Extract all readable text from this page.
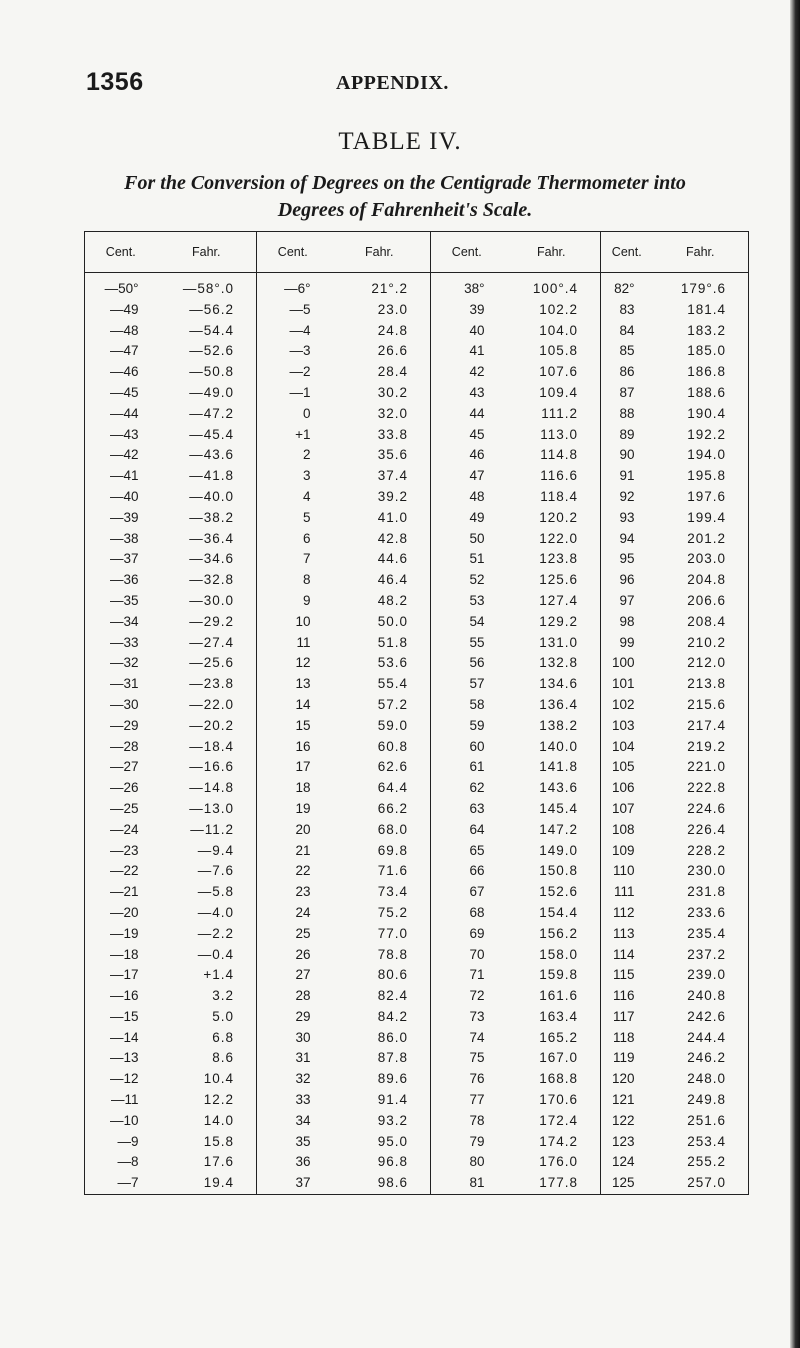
1356	APPENDIX.
TABLE IV.
For the Conversion of Degrees on the Centigrade Thermometer into
Degrees of Fahrenheit's Scale.
Cent.	Fahr.	Cent.	Fahr.	Cent.	Fahr.	Cent.	Fahr.
—50°	—58°.0	—6°	21°.2	38°	100°.4	82°	179°.6
—49	—56.2	—5	23.0	39	102.2	83	181.4
—48	—54.4	—4	24.8	40	104.0	84	183.2
—47	—52.6	—3	26.6	41	105.8	85	185.0
—46	—50.8	—2	28.4	42	107.6	86	186.8
—45	—49.0	—1	30.2	43	109.4	87	188.6
—44	—47.2	0	32.0	44	111.2	88	190.4
—43	—45.4	+1	33.8	45	113.0	89	192.2
—42	—43.6	2	35.6	46	114.8	90	194.0
—41	—41.8	3	37.4	47	116.6	91	195.8
—40	—40.0	4	39.2	48	118.4	92	197.6
—39	—38.2	5	41.0	49	120.2	93	199.4
—38	—36.4	6	42.8	50	122.0	94	201.2
—37	—34.6	7	44.6	51	123.8	95	203.0
—36	—32.8	8	46.4	52	125.6	96	204.8
—35	—30.0	9	48.2	53	127.4	97	206.6
—34	—29.2	10	50.0	54	129.2	98	208.4
—33	—27.4	11	51.8	55	131.0	99	210.2
—32	—25.6	12	53.6	56	132.8	100	212.0
—31	—23.8	13	55.4	57	134.6	101	213.8
—30	—22.0	14	57.2	58	136.4	102	215.6
—29	—20.2	15	59.0	59	138.2	103	217.4
—28	—18.4	16	60.8	60	140.0	104	219.2
—27	—16.6	17	62.6	61	141.8	105	221.0
—26	—14.8	18	64.4	62	143.6	106	222.8
—25	—13.0	19	66.2	63	145.4	107	224.6
—24	—11.2	20	68.0	64	147.2	108	226.4
—23	—9.4	21	69.8	65	149.0	109	228.2
—22	—7.6	22	71.6	66	150.8	110	230.0
—21	—5.8	23	73.4	67	152.6	111	231.8
—20	—4.0	24	75.2	68	154.4	112	233.6
—19	—2.2	25	77.0	69	156.2	113	235.4
—18	—0.4	26	78.8	70	158.0	114	237.2
—17	+1.4	27	80.6	71	159.8	115	239.0
—16	3.2	28	82.4	72	161.6	116	240.8
—15	5.0	29	84.2	73	163.4	117	242.6
—14	6.8	30	86.0	74	165.2	118	244.4
—13	8.6	31	87.8	75	167.0	119	246.2
—12	10.4	32	89.6	76	168.8	120	248.0
—11	12.2	33	91.4	77	170.6	121	249.8
—10	14.0	34	93.2	78	172.4	122	251.6
—9	15.8	35	95.0	79	174.2	123	253.4
—8	17.6	36	96.8	80	176.0	124	255.2
—7	19.4	37	98.6	81	177.8	125	257.0
